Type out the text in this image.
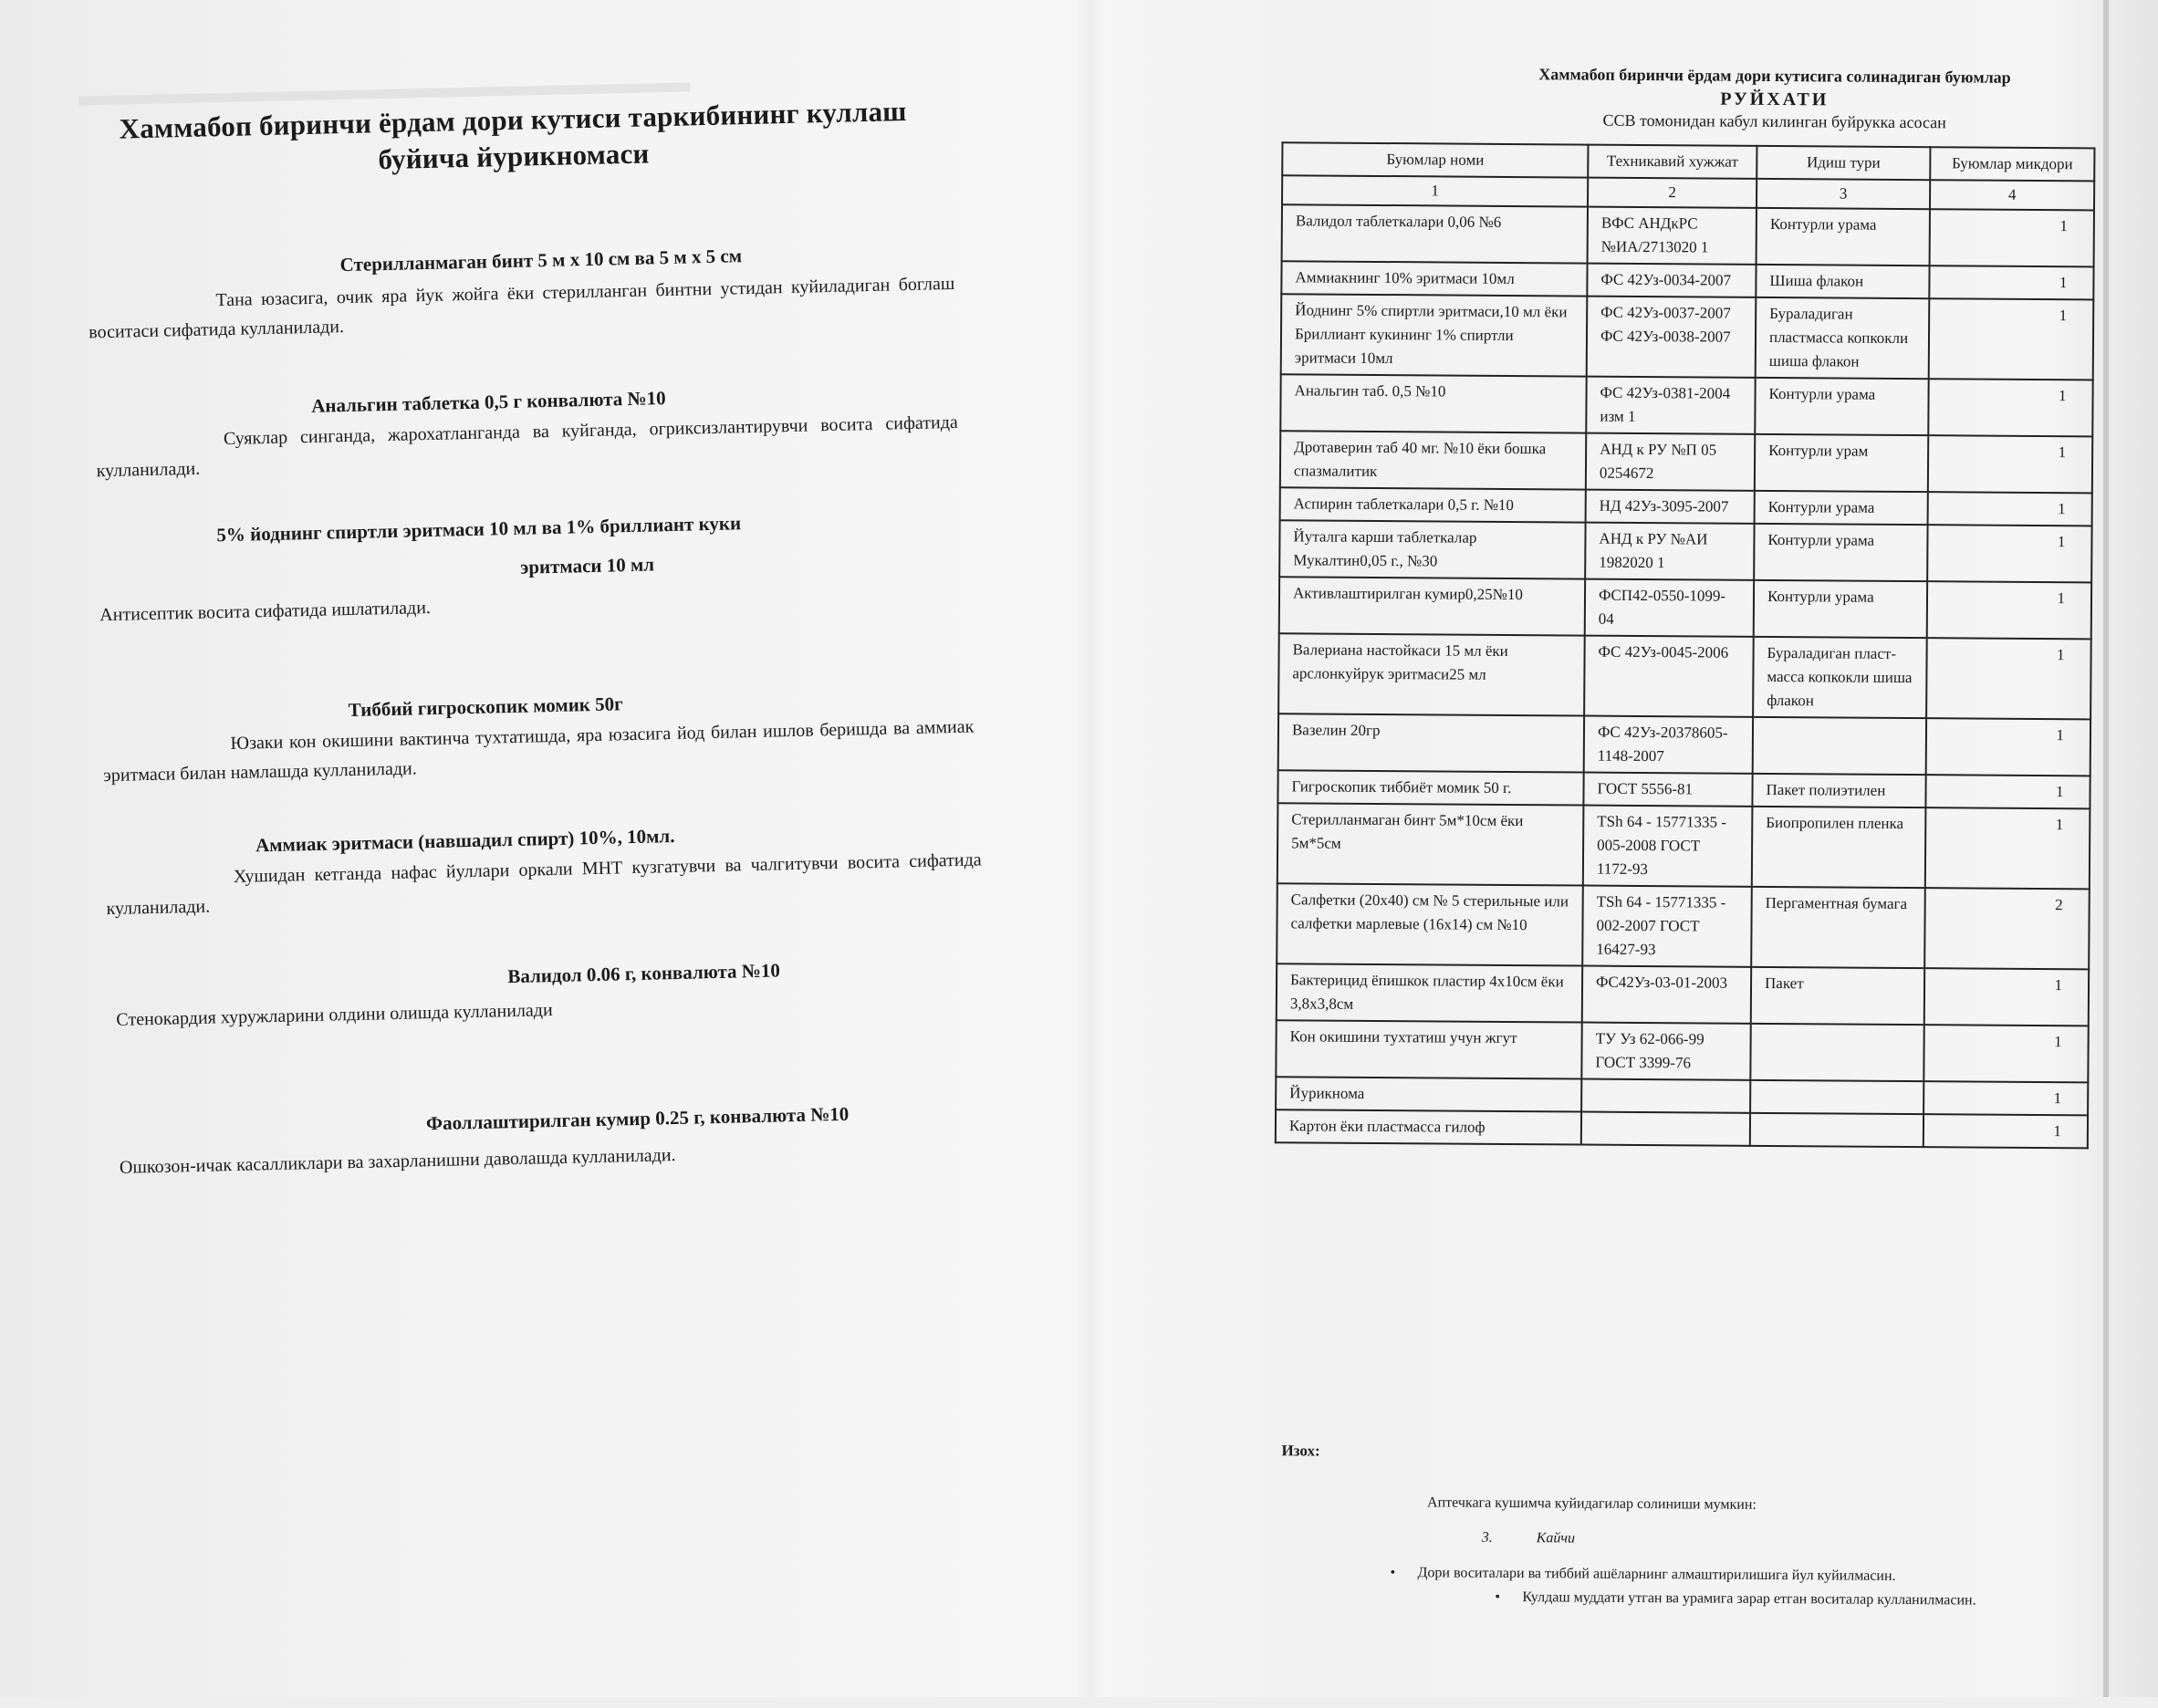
Хаммабоп биринчи ёрдам дори кутиси таркибининг куллаш
буйича йурикномаси
Стерилланмаган бинт 5 м х 10 см ва 5 м х 5 см
Тана юзасига, очик яра йук жойга ёки стерилланган бинтни устидан куйиладиган боглаш воситаси сифатида кулланилади.
Анальгин таблетка 0,5 г конвалюта №10
Суяклар синганда, жарохатланганда ва куйганда, огриксизлантирувчи восита сифатида кулланилади.
5% йоднинг спиртли эритмаси 10 мл ва 1% бриллиант куки
эритмаси 10 мл
Антисептик восита сифатида ишлатилади.
Тиббий гигроскопик момик 50г
Юзаки кон окишини вактинча тухтатишда, яра юзасига йод билан ишлов беришда ва аммиак эритмаси билан намлашда кулланилади.
Аммиак эритмаси (навшадил спирт) 10%, 10мл.
Хушидан кетганда нафас йуллари оркали МНТ кузгатувчи ва чалгитувчи восита сифатида кулланилади.
Валидол 0.06 г, конвалюта №10
Стенокардия хуружларини олдини олишда кулланилади
Фаоллаштирилган кумир 0.25 г, конвалюта №10
Ошкозон-ичак касалликлари ва захарланишни даволашда кулланилади.
Хаммабоп биринчи ёрдам дори кутисига солинадиган буюмлар
РУЙХАТИ
ССВ томонидан кабул килинган буйрукка асосан
Буюмлар номи	Техникавий хужжат	Идиш тури	Буюмлар микдори
1	2	3	4
Валидол таблеткалари 0,06 №6	ВФС АНДкРС №ИА/2713020 1	Контурли урама	1
Аммиакнинг 10% эритмаси 10мл	ФС 42Уз-0034-2007	Шиша флакон	1
Йоднинг 5% спиртли эритмаси,10 мл ёки Бриллиант кукининг 1% спиртли эритмаси 10мл	ФС 42Уз-0037-2007 ФС 42Уз-0038-2007	Бураладиган пластмасса копкокли шиша флакон	1
Анальгин таб. 0,5 №10	ФС 42Уз-0381-2004 изм 1	Контурли урама	1
Дротаверин таб 40 мг. №10 ёки бошка спазмалитик	АНД к РУ №П 05 0254672	Контурли урам	1
Аспирин таблеткалари 0,5 г. №10	НД 42Уз-3095-2007	Контурли урама	1
Йуталга карши таблеткалар Мукалтин0,05 г., №30	АНД к РУ №АИ 1982020 1	Контурли урама	1
Активлаштирилган кумир0,25№10	ФСП42-0550-1099-04	Контурли урама	1
Валериана настойкаси 15 мл ёки арслонкуйрук эритмаси25 мл	ФС 42Уз-0045-2006	Бураладиган пласт-масса копкокли шиша флакон	1
Вазелин 20гр	ФС 42Уз-20378605-1148-2007		1
Гигроскопик тиббиёт момик 50 г.	ГОСТ 5556-81	Пакет полиэтилен	1
Стерилланмаган бинт 5м*10см ёки 5м*5см	TSh 64 - 15771335 - 005-2008 ГОСТ 1172-93	Биопропилен пленка	1
Салфетки (20х40) см № 5 стерильные или салфетки марлевые (16х14) см №10	TSh 64 - 15771335 - 002-2007 ГОСТ 16427-93	Пергаментная бумага	2
Бактерицид ёпишкок пластир 4х10см ёки 3,8х3,8см	ФС42Уз-03-01-2003	Пакет	1
Кон окишини тухтатиш учун жгут	ТУ Уз 62-066-99 ГОСТ 3399-76		1
Йурикнома			1
Картон ёки пластмасса гилоф			1
Изох:
Аптечкага кушимча куйидагилар солиниши мумкин:
3.	Кайчи
• Дори воситалари ва тиббий ашёларнинг алмаштирилишига йул куйилмасин.
• Кулдаш муддати утган ва урамига зарар етган воситалар кулланилмасин.
